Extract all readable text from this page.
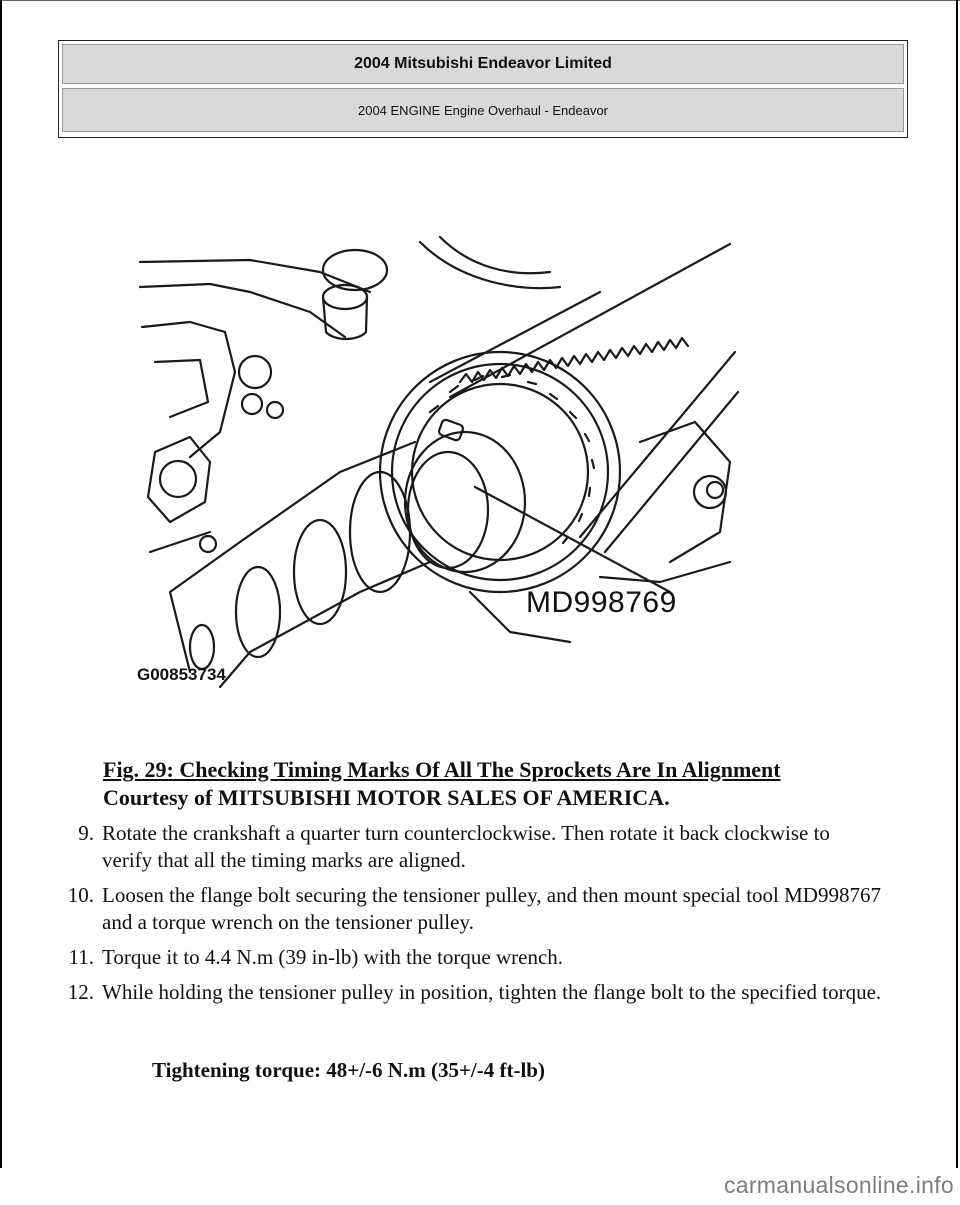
2004 Mitsubishi Endeavor Limited
2004 ENGINE Engine Overhaul - Endeavor
MD998769
G00853734
Fig. 29: Checking Timing Marks Of All The Sprockets Are In Alignment
Courtesy of MITSUBISHI MOTOR SALES OF AMERICA.
9. Rotate the crankshaft a quarter turn counterclockwise. Then rotate it back clockwise to verify that all the timing marks are aligned.
10. Loosen the flange bolt securing the tensioner pulley, and then mount special tool MD998767 and a torque wrench on the tensioner pulley.
11. Torque it to 4.4 N.m (39 in-lb) with the torque wrench.
12. While holding the tensioner pulley in position, tighten the flange bolt to the specified torque.
Tightening torque: 48+/-6 N.m (35+/-4 ft-lb)
carmanualsonline.info
